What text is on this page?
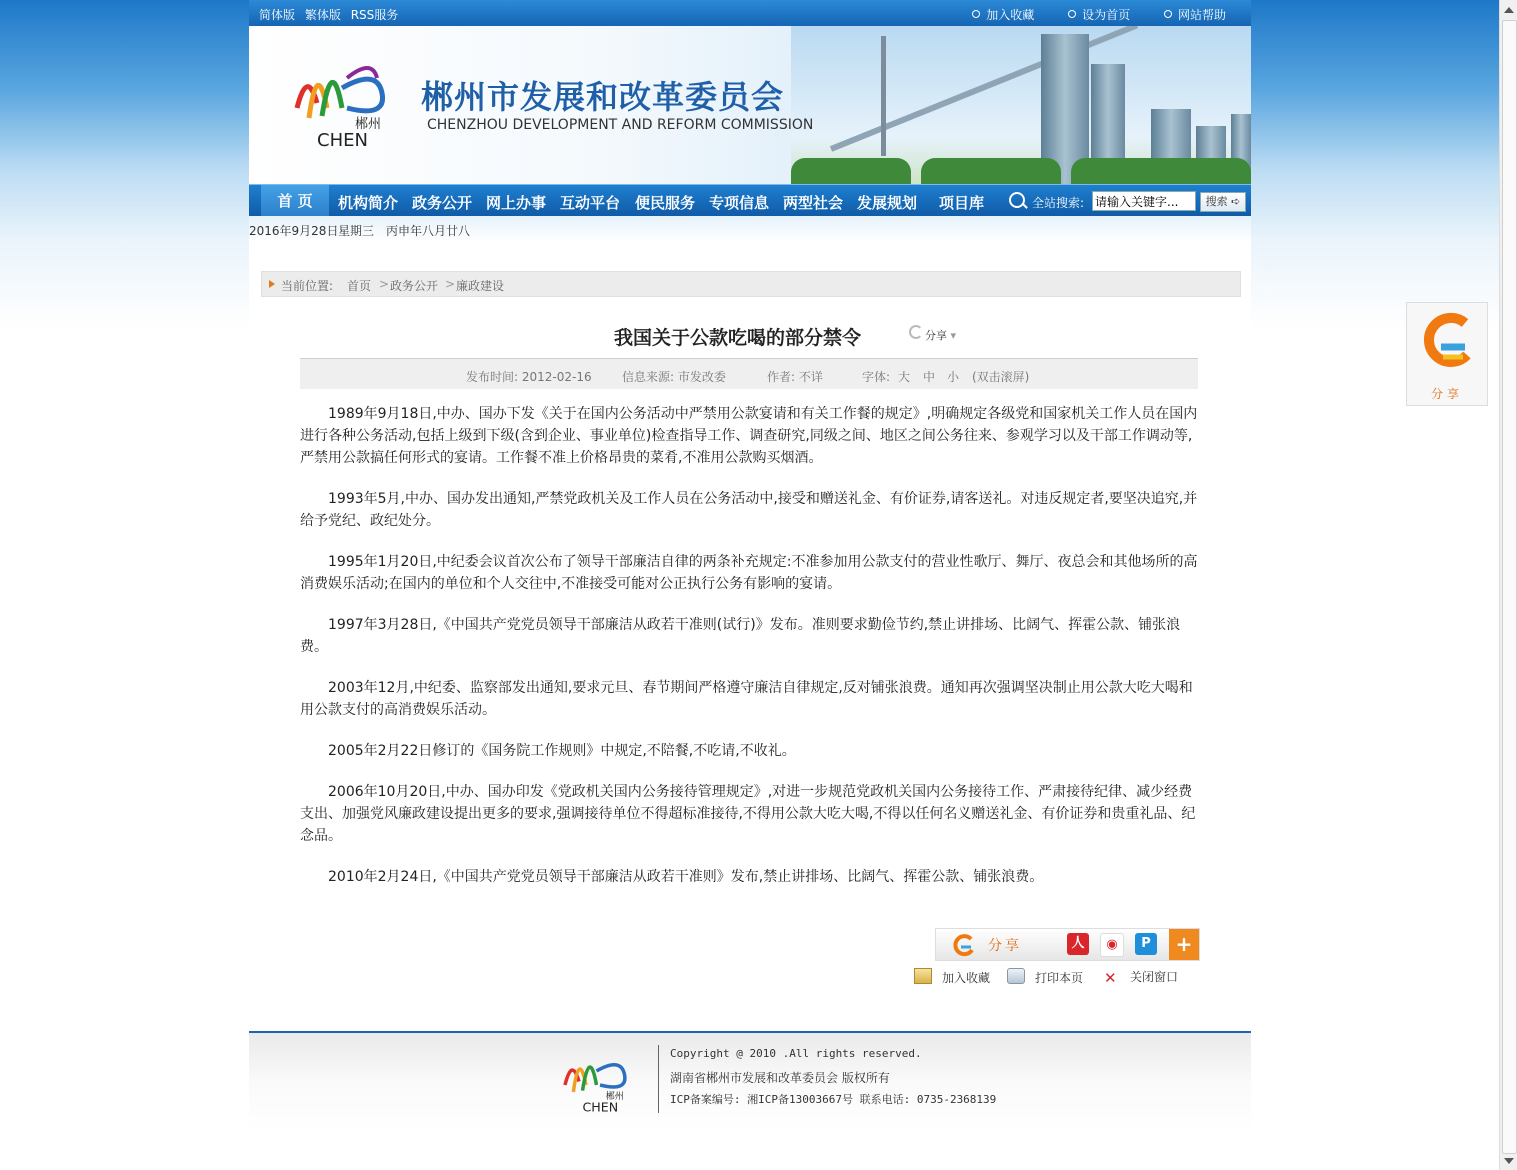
简体版 繁体版 RSS服务	加入收藏	设为首页	网站帮助
郴州
CHEN
郴州市发展和改革委员会
CHENZHOU DEVELOPMENT AND REFORM COMMISSION
首 页	机构简介 政务公开 网上办事 互动平台 便民服务 专项信息 两型社会 发展规划 项目库	全站搜索:
请输入关键字...	搜索 ➪
2016年9月28日 星期三 丙申年八月廿八
当前位置: 首页 > 政务公开 > 廉政建设
我国关于公款吃喝的部分禁令	分享 ▾
发布时间: 2012-02-16	信息来源: 市发改委	作者: 不详	字体: 大 中 小 (双击滚屏)

1989年9月18日,中办、国办下发《关于在国内公务活动中严禁用公款宴请和有关工作餐的规定》,明确规定各级党和国家机关工作人员在国内进行各种公务活动,包括上级到下级(含到企业、事业单位)检查指导工作、调查研究,同级之间、地区之间公务往来、参观学习以及干部工作调动等,严禁用公款搞任何形式的宴请。工作餐不准上价格昂贵的菜肴,不准用公款购买烟酒。

1993年5月,中办、国办发出通知,严禁党政机关及工作人员在公务活动中,接受和赠送礼金、有价证券,请客送礼。对违反规定者,要坚决追究,并给予党纪、政纪处分。

1995年1月20日,中纪委会议首次公布了领导干部廉洁自律的两条补充规定:不准参加用公款支付的营业性歌厅、舞厅、夜总会和其他场所的高消费娱乐活动;在国内的单位和个人交往中,不准接受可能对公正执行公务有影响的宴请。

1997年3月28日,《中国共产党党员领导干部廉洁从政若干准则(试行)》发布。准则要求勤俭节约,禁止讲排场、比阔气、挥霍公款、铺张浪费。

2003年12月,中纪委、监察部发出通知,要求元旦、春节期间严格遵守廉洁自律规定,反对铺张浪费。通知再次强调坚决制止用公款大吃大喝和用公款支付的高消费娱乐活动。

2005年2月22日修订的《国务院工作规则》中规定,不陪餐,不吃请,不收礼。

2006年10月20日,中办、国办印发《党政机关国内公务接待管理规定》,对进一步规范党政机关国内公务接待工作、严肃接待纪律、减少经费支出、加强党风廉政建设提出更多的要求,强调接待单位不得超标准接待,不得用公款大吃大喝,不得以任何名义赠送礼金、有价证券和贵重礼品、纪念品。

2010年2月24日,《中国共产党党员领导干部廉洁从政若干准则》发布,禁止讲排场、比阔气、挥霍公款、铺张浪费。

分享	人	◉	P	+
加入收藏	打印本页 ✕ 关闭窗口
郴州
CHEN
Copyright @ 2010 .All rights reserved.
湖南省郴州市发展和改革委员会 版权所有
ICP备案编号: 湘ICP备13003667号 联系电话: 0735-2368139
分享
